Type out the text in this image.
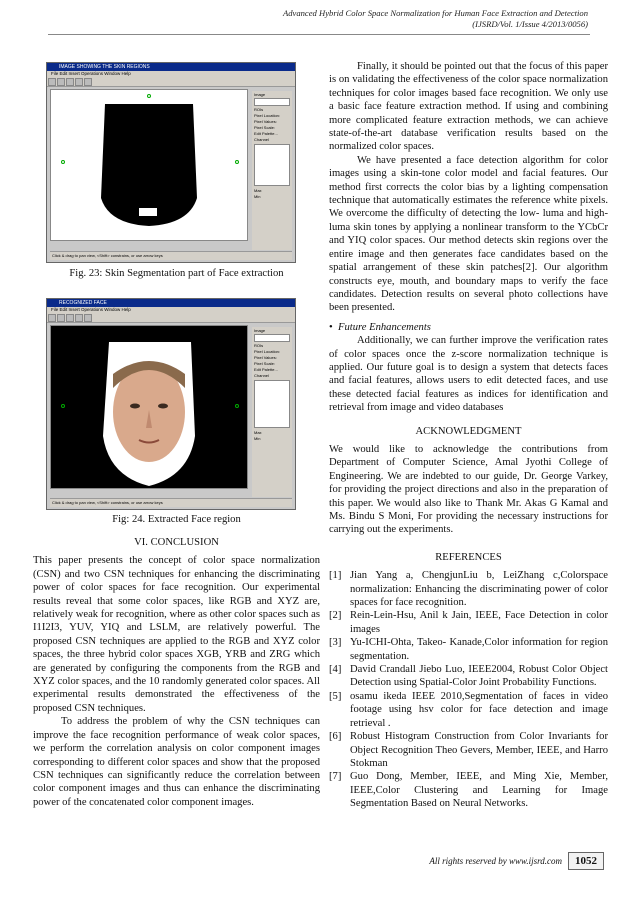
Advanced Hybrid Color Space Normalization for Human Face Extraction and Detection
(IJSRD/Vol. 1/Issue 4/2013/0056)
IMAGE SHOWING THE SKIN REGIONS
File Edit Insert Operations Window Help
Image
ROIs
Pixel Location:
Pixel Values:
Pixel Scale:
Edit Palette...
Channel
Max
Min
Click & drag to pan view, <Shift> constrains, or use arrow keys
Fig. 23: Skin Segmentation part of Face extraction
RECOGNIZED FACE
File Edit Insert Operations Window Help
Image
ROIs
Pixel Location:
Pixel Values:
Pixel Scale:
Edit Palette...
Channel
Max
Min
Click & drag to pan view, <Shift> constrains, or use arrow keys
Fig: 24. Extracted Face region
VI. CONCLUSION

This paper presents the concept of color space normalization (CSN) and two CSN techniques for enhancing the discriminating power of color spaces for face recognition. Our experimental results reveal that some color spaces, like RGB and XYZ are, relatively weak for recognition, where as other color spaces such as I1I2I3, YUV, YIQ and LSLM, are relatively powerful. The proposed CSN techniques are applied to the RGB and XYZ color spaces, the three hybrid color spaces XGB, YRB and ZRG which are generated by configuring the components from the RGB and XYZ color spaces, and the 10 randomly generated color spaces. All experimental results demonstrated the effectiveness of the proposed CSN techniques.

To address the problem of why the CSN techniques can improve the face recognition performance of weak color spaces, we perform the correlation analysis on color component images corresponding to different color spaces and show that the proposed CSN techniques can significantly reduce the correlation between color component images and thus can enhance the discriminating power of the concatenated color component images.

Finally, it should be pointed out that the focus of this paper is on validating the effectiveness of the color space normalization techniques for color images based face recognition. We only use a basic face feature extraction method. If using and combining more complicated feature extraction methods, we can achieve state-of-the-art database verification results based on the normalized color spaces.

We have presented a face detection algorithm for color images using a skin-tone color model and facial features. Our method first corrects the color bias by a lighting compensation technique that automatically estimates the reference white pixels. We overcome the difficulty of detecting the low- luma and high- luma skin tones by applying a nonlinear transform to the YCbCr and YIQ color spaces. Our method detects skin regions over the entire image and then generates face candidates based on the spatial arrangement of these skin patches[2]. Our algorithm constructs eye, mouth, and boundary maps to verify the face candidates. Detection results on several photo collections have been presented.

•  Future Enhancements

Additionally, we can further improve the verification rates of color spaces once the z-score normalization technique is applied. Our future goal is to design a system that detects faces and facial features, allows users to edit detected faces, and use these detected facial features as indices for identification and retrieval from image and video databases

ACKNOWLEDGMENT

We would like to acknowledge the contributions from Department of Computer Science, Amal Jyothi College of Engineering. We are indebted to our guide, Dr. George Varkey, for providing the project directions and also in the preparation of this paper. We would also like to Thank Mr. Akas G Kamal and Ms. Bindu S Moni, For providing the necessary instructions for carrying out the experiments.

REFERENCES
[1] Jian Yang a, ChengjunLiu b, LeiZhang c,Colorspace normalization: Enhancing the discriminating power of color spaces for face recognition.
[2] Rein-Lein-Hsu, Anil k Jain, IEEE, Face Detection in color images
[3] Yu-ICHI-Ohta, Takeo- Kanade,Color information for region segmentation.
[4] David Crandall Jiebo Luo, IEEE2004, Robust Color Object Detection using Spatial-Color Joint Probability Functions.
[5] osamu ikeda IEEE 2010,Segmentation of faces in video footage using hsv color for face detection and image retrieval .
[6] Robust Histogram Construction from Color Invariants for Object Recognition Theo Gevers, Member, IEEE, and Harro Stokman
[7] Guo Dong, Member, IEEE, and Ming Xie, Member, IEEE,Color Clustering and Learning for Image Segmentation Based on Neural Networks.
All rights reserved by www.ijsrd.com	1052
